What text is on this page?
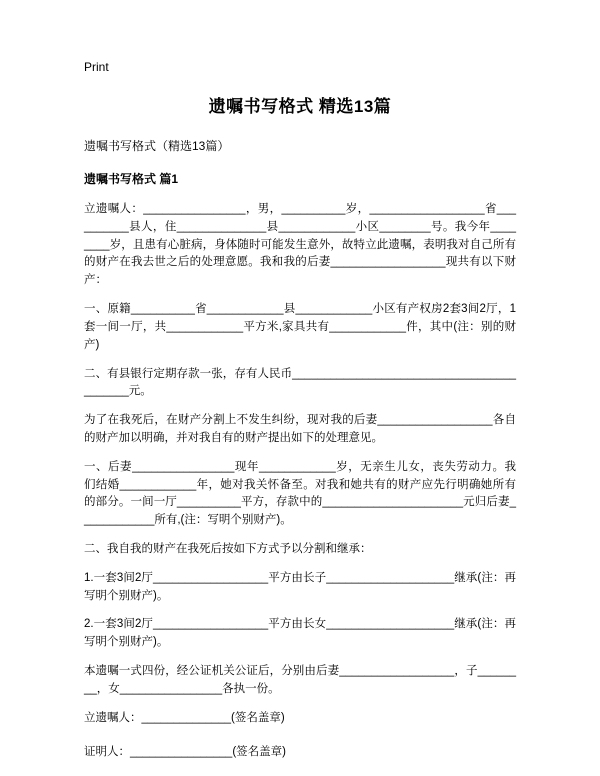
Print
遗嘱书写格式 精选13篇

遗嘱书写格式（精选13篇）

遗嘱书写格式 篇1

立遗嘱人：________________，男，__________岁，__________________省__________县人，住______________县____________小区________号。我今年________岁，且患有心脏病，身体随时可能发生意外，故特立此遗嘱，表明我对自己所有的财产在我去世之后的处理意愿。我和我的后妻__________________现共有以下财产：

一、原籍__________省____________县____________小区有产权房2套3间2厅，1套一间一厅，共____________平方米,家具共有____________件，其中(注：别的财产)

二、有县银行定期存款一张，存有人民币__________________________________________元。

为了在我死后，在财产分割上不发生纠纷，现对我的后妻__________________各自的财产加以明确，并对我自有的财产提出如下的处理意见。

一、后妻________________现年____________岁，无亲生儿女，丧失劳动力。我们结婚____________年，她对我关怀备至。对我和她共有的财产应先行明确她所有的部分。一间一厅__________平方，存款中的______________________元归后妻____________所有,(注：写明个别财产)。

二、我自我的财产在我死后按如下方式予以分割和继承：

1.一套3间2厅__________________平方由长子____________________继承(注：再写明个别财产)。

2.一套3间2厅__________________平方由长女____________________继承(注：再写明个别财产)。

本遗嘱一式四份，经公证机关公证后，分别由后妻__________________，子________，女________________各执一份。

立遗嘱人：______________(签名盖章)

证明人：________________(签名盖章)
